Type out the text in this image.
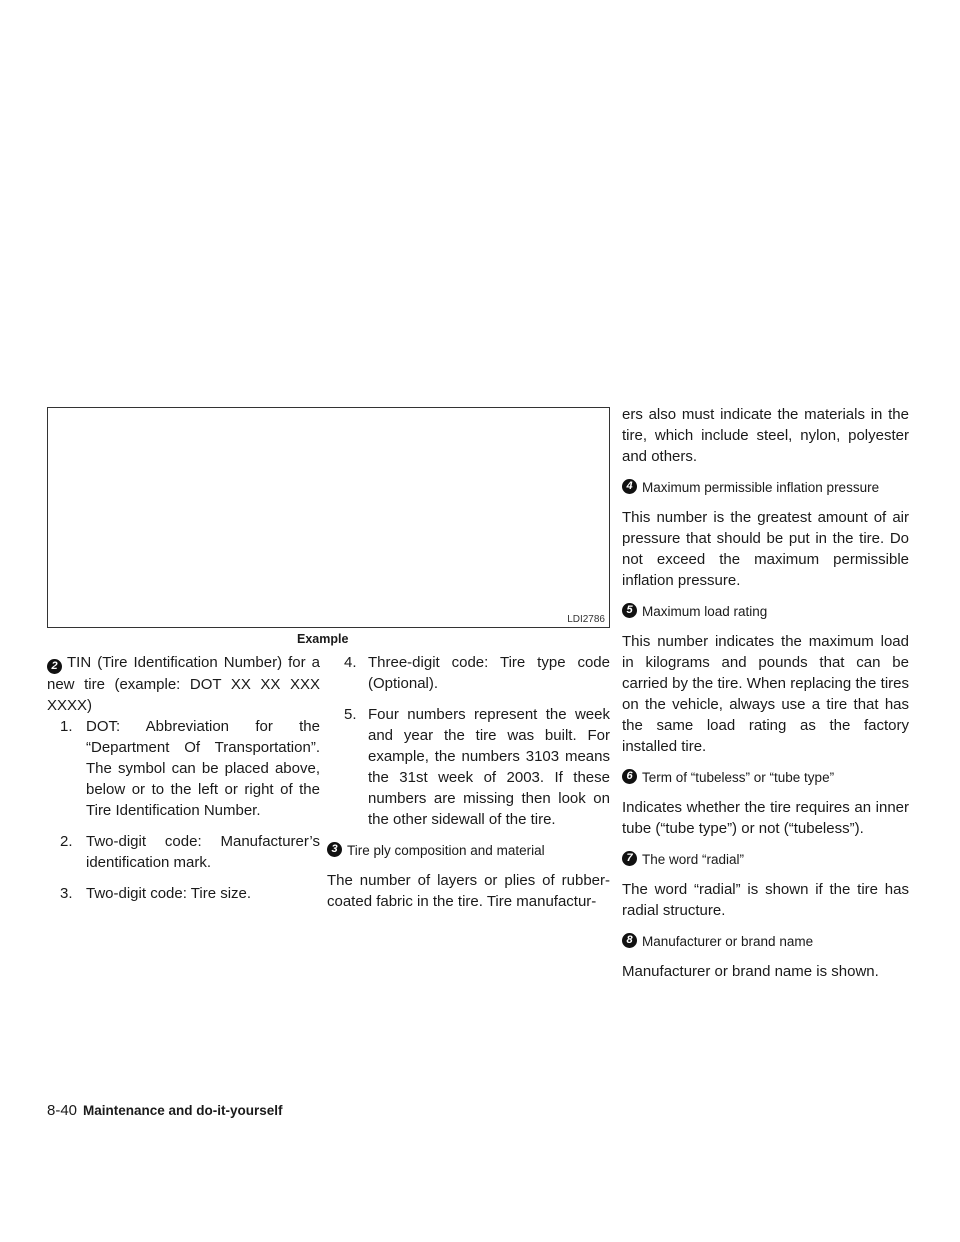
LDI2786
Example

2 TIN (Tire Identification Number) for a new tire (example: DOT XX XX XXX XXXX)

1. DOT: Abbreviation for the “Department Of Transportation”. The symbol can be placed above, below or to the left or right of the Tire Identification Number.
2. Two-digit code: Manufacturer’s identification mark.
3. Two-digit code: Tire size.
4. Three-digit code: Tire type code (Optional).
5. Four numbers represent the week and year the tire was built. For example, the numbers 3103 means the 31st week of 2003. If these numbers are missing then look on the other sidewall of the tire.
3 Tire ply composition and material

The number of layers or plies of rubber-coated fabric in the tire. Tire manufactur-

ers also must indicate the materials in the tire, which include steel, nylon, polyester and others.

4 Maximum permissible inflation pressure

This number is the greatest amount of air pressure that should be put in the tire. Do not exceed the maximum permissible inflation pressure.

5 Maximum load rating

This number indicates the maximum load in kilograms and pounds that can be carried by the tire. When replacing the tires on the vehicle, always use a tire that has the same load rating as the factory installed tire.

6 Term of “tubeless” or “tube type”

Indicates whether the tire requires an inner tube (“tube type”) or not (“tubeless”).

7 The word “radial”

The word “radial” is shown if the tire has radial structure.

8 Manufacturer or brand name

Manufacturer or brand name is shown.

8-40 Maintenance and do-it-yourself
